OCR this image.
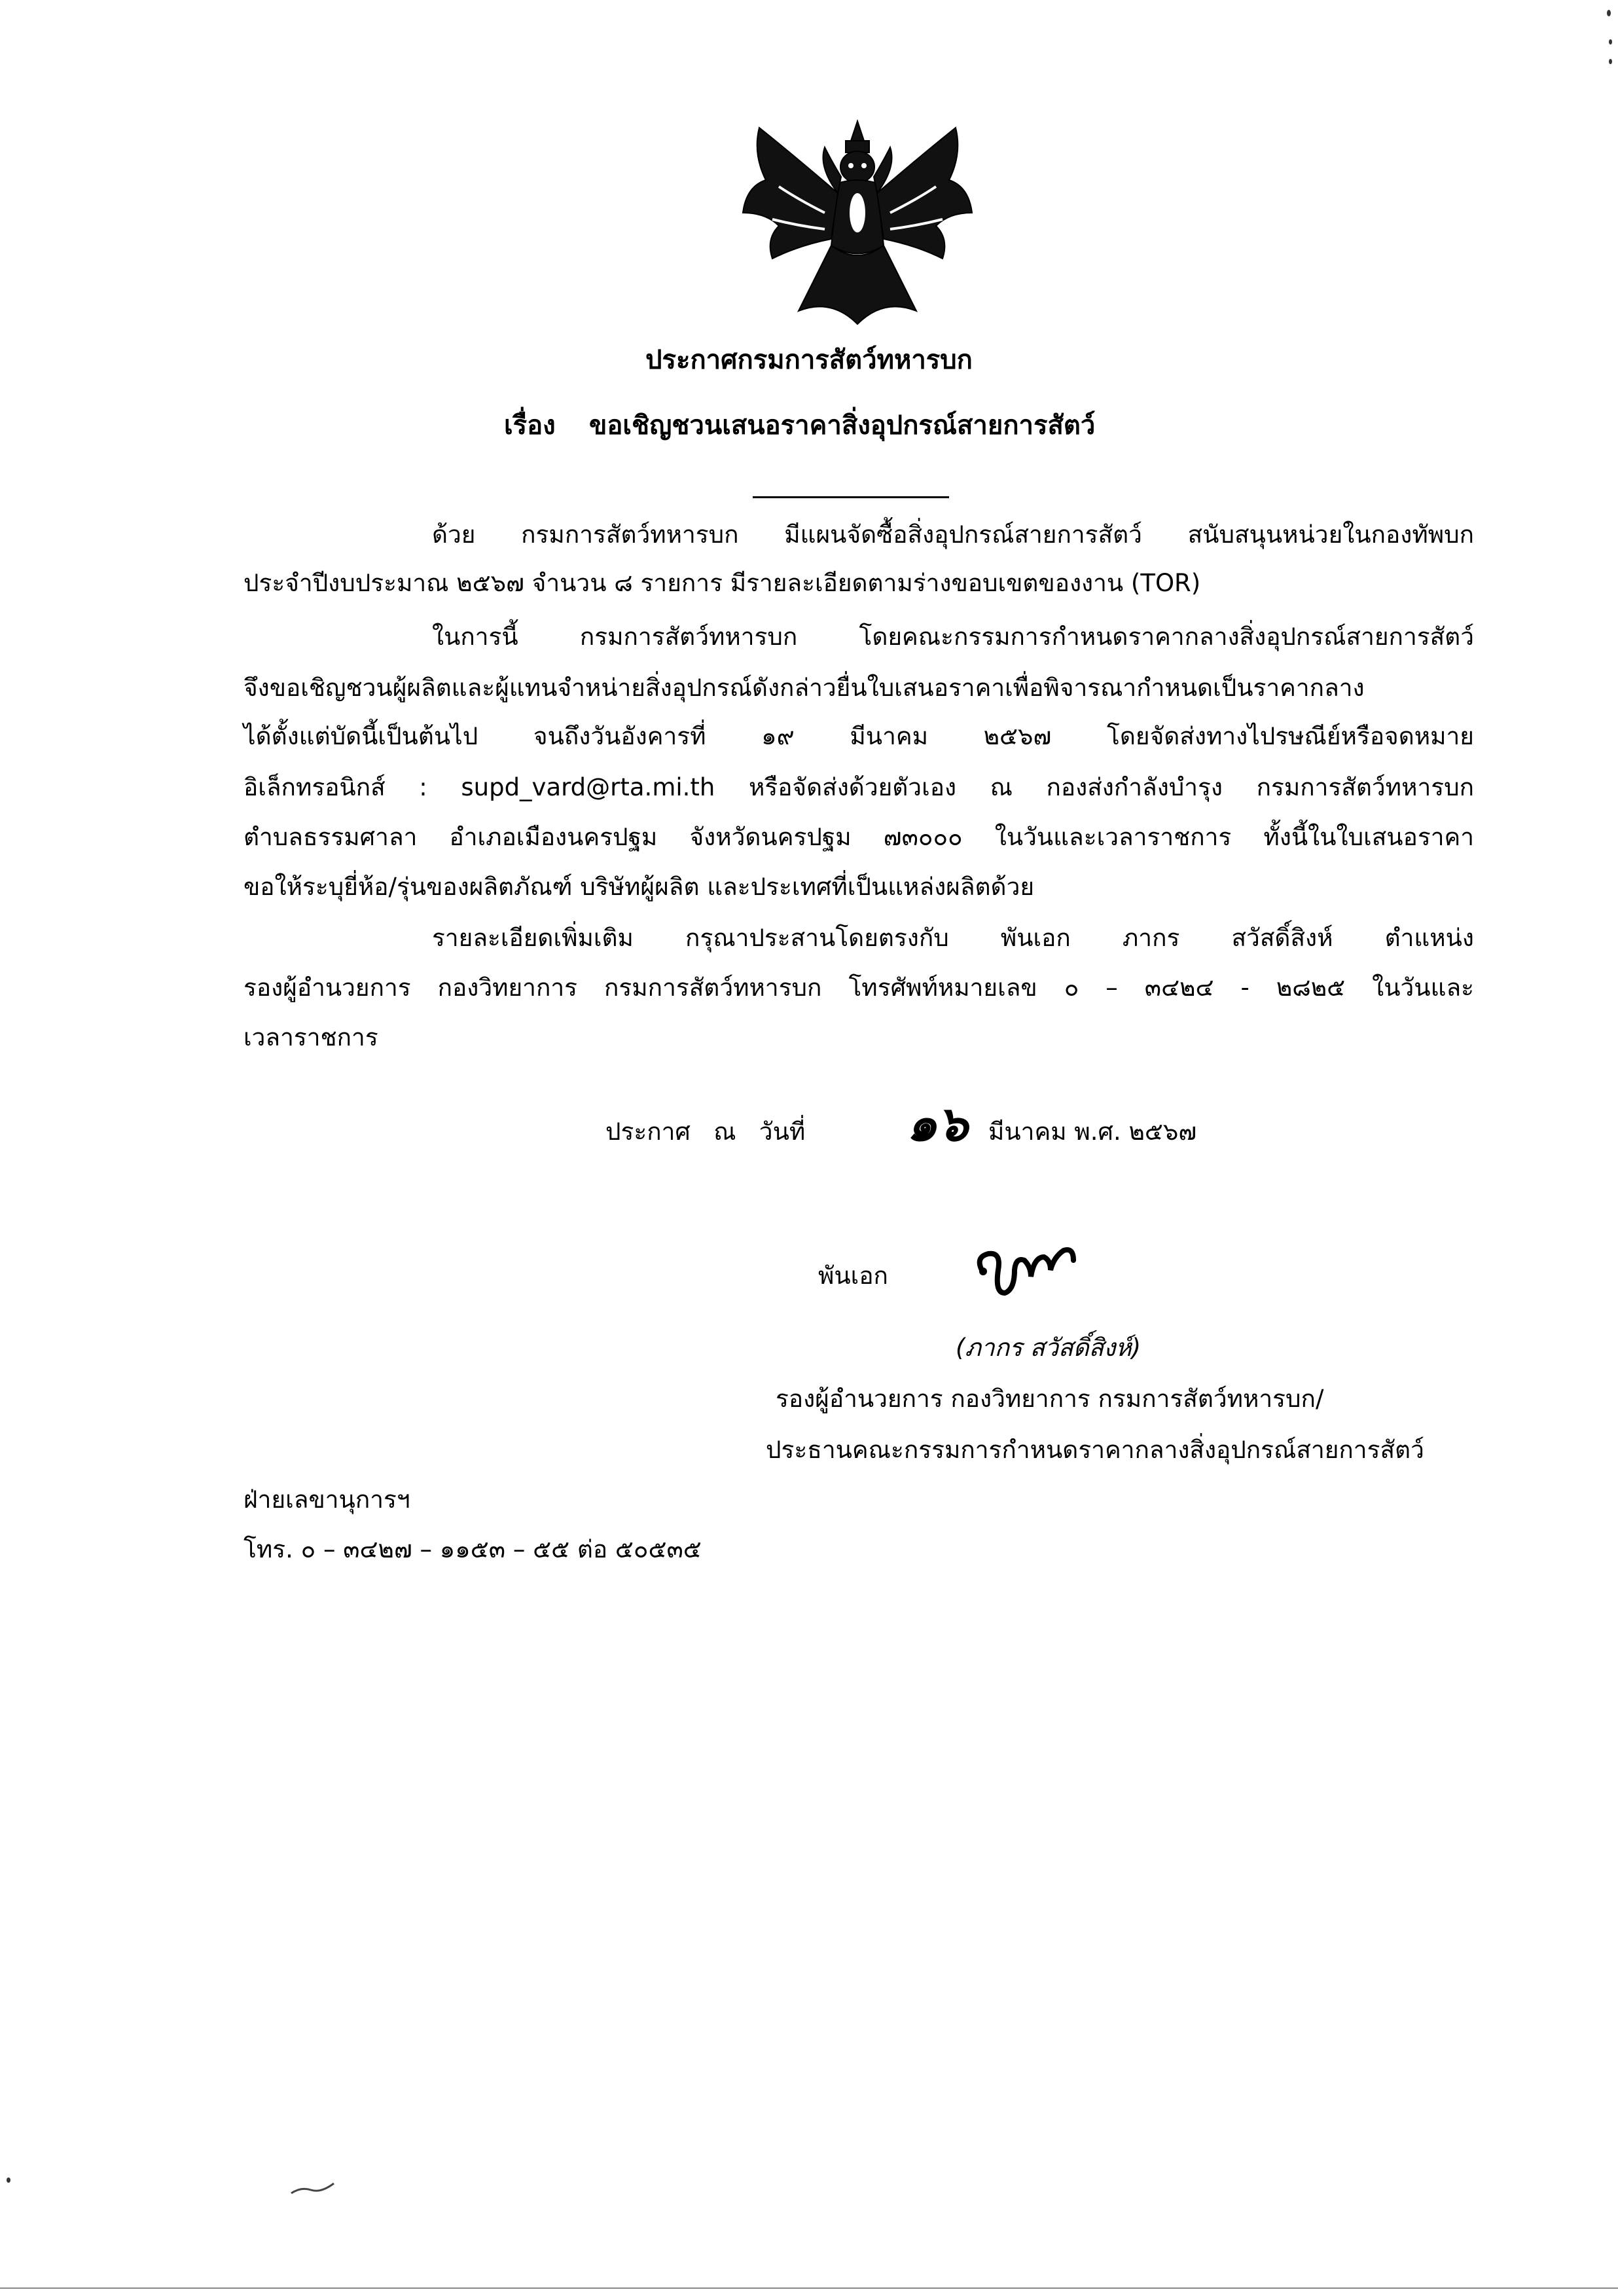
ประกาศกรมการสัตว์ทหารบก
เรื่อง ขอเชิญชวนเสนอราคาสิ่งอุปกรณ์สายการสัตว์
ด้วย กรมการสัตว์ทหารบก มีแผนจัดซื้อสิ่งอุปกรณ์สายการสัตว์ สนับสนุนหน่วยในกองทัพบก
ประจำปีงบประมาณ ๒๕๖๗ จำนวน ๘ รายการ มีรายละเอียดตามร่างขอบเขตของงาน (TOR)
ในการนี้ กรมการสัตว์ทหารบก โดยคณะกรรมการกำหนดราคากลางสิ่งอุปกรณ์สายการสัตว์
จึงขอเชิญชวนผู้ผลิตและผู้แทนจำหน่ายสิ่งอุปกรณ์ดังกล่าวยื่นใบเสนอราคาเพื่อพิจารณากำหนดเป็นราคากลาง
ได้ตั้งแต่บัดนี้เป็นต้นไป จนถึงวันอังคารที่ ๑๙ มีนาคม ๒๕๖๗ โดยจัดส่งทางไปรษณีย์หรือจดหมาย
อิเล็กทรอนิกส์ : supd_vard@rta.mi.th หรือจัดส่งด้วยตัวเอง ณ กองส่งกำลังบำรุง กรมการสัตว์ทหารบก
ตำบลธรรมศาลา อำเภอเมืองนครปฐม จังหวัดนครปฐม ๗๓๐๐๐ ในวันและเวลาราชการ ทั้งนี้ในใบเสนอราคา
ขอให้ระบุยี่ห้อ/รุ่นของผลิตภัณฑ์ บริษัทผู้ผลิต และประเทศที่เป็นแหล่งผลิตด้วย
รายละเอียดเพิ่มเติม กรุณาประสานโดยตรงกับ พันเอก ภากร สวัสดิ์สิงห์ ตำแหน่ง
รองผู้อำนวยการ กองวิทยาการ กรมการสัตว์ทหารบก โทรศัพท์หมายเลข ๐ – ๓๔๒๔ - ๒๘๒๕ ในวันและ
เวลาราชการ
ประกาศ   ณ   วันที่ ๑๖ มีนาคม พ.ศ. ๒๕๖๗
พันเอก
(ภากร สวัสดิ์สิงห์)
รองผู้อำนวยการ กองวิทยาการ กรมการสัตว์ทหารบก/
ประธานคณะกรรมการกำหนดราคากลางสิ่งอุปกรณ์สายการสัตว์
ฝ่ายเลขานุการฯ
โทร. ๐ – ๓๔๒๗ – ๑๑๕๓ – ๕๕ ต่อ ๕๐๕๓๕
